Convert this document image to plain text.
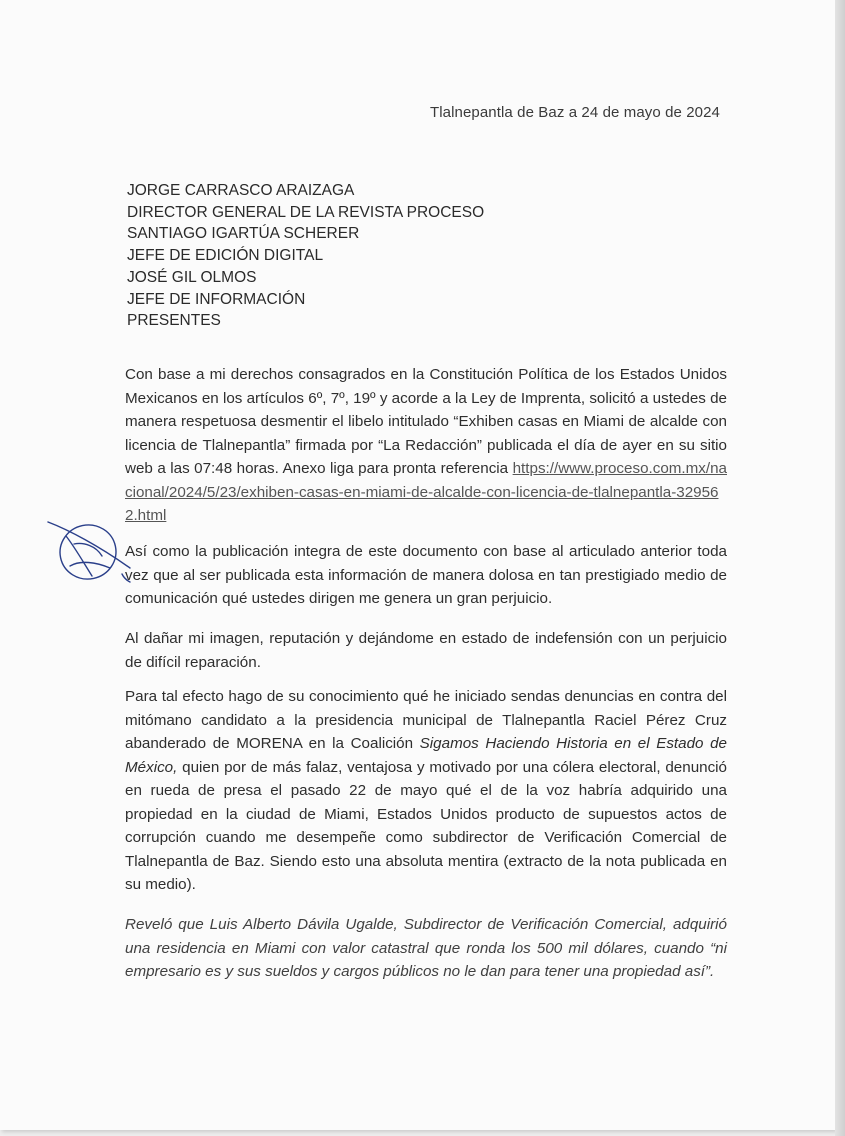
Tlalnepantla de Baz a 24 de mayo de 2024
JORGE CARRASCO ARAIZAGA
DIRECTOR GENERAL DE LA REVISTA PROCESO
SANTIAGO IGARTÚA SCHERER
JEFE DE EDICIÓN DIGITAL
JOSÉ GIL OLMOS
JEFE DE INFORMACIÓN
PRESENTES
Con base a mi derechos consagrados en la Constitución Política de los Estados Unidos Mexicanos en los artículos 6º, 7º, 19º y acorde a la Ley de Imprenta, solicitó a ustedes de manera respetuosa desmentir el libelo intitulado “Exhiben casas en Miami de alcalde con licencia de Tlalnepantla” firmada por “La Redacción” publicada el día de ayer en su sitio web a las 07:48 horas. Anexo liga para pronta referencia https://www.proceso.com.mx/nacional/2024/5/23/exhiben-casas-en-miami-de-alcalde-con-licencia-de-tlalnepantla-329562.html
Así como la publicación integra de este documento con base al articulado anterior toda vez que al ser publicada esta información de manera dolosa en tan prestigiado medio de comunicación qué ustedes dirigen me genera un gran perjuicio.
Al dañar mi imagen, reputación y dejándome en estado de indefensión con un perjuicio de difícil reparación.
Para tal efecto hago de su conocimiento qué he iniciado sendas denuncias en contra del mitómano candidato a la presidencia municipal de Tlalnepantla Raciel Pérez Cruz abanderado de MORENA en la Coalición Sigamos Haciendo Historia en el Estado de México, quien por de más falaz, ventajosa y motivado por una cólera electoral, denunció en rueda de presa el pasado 22 de mayo qué el de la voz habría adquirido una propiedad en la ciudad de Miami, Estados Unidos producto de supuestos actos de corrupción cuando me desempeñe como subdirector de Verificación Comercial de Tlalnepantla de Baz. Siendo esto una absoluta mentira (extracto de la nota publicada en su medio).
Reveló que Luis Alberto Dávila Ugalde, Subdirector de Verificación Comercial, adquirió una residencia en Miami con valor catastral que ronda los 500 mil dólares, cuando “ni empresario es y sus sueldos y cargos públicos no le dan para tener una propiedad así”.
